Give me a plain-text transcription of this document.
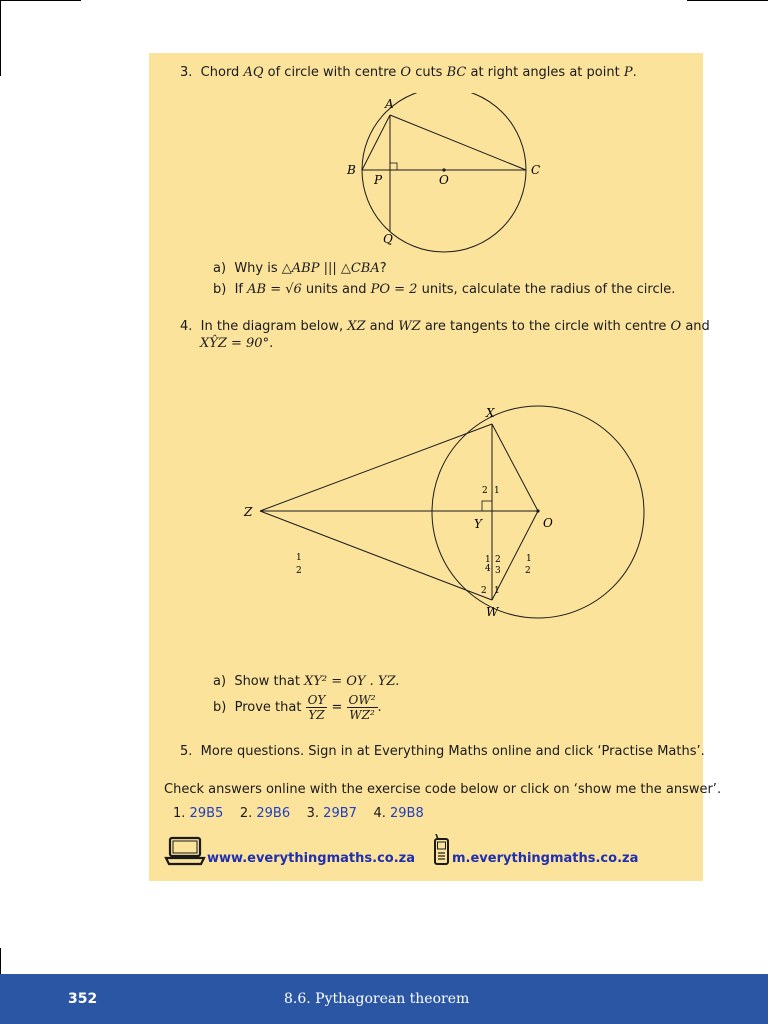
3. Chord AQ of circle with centre O cuts BC at right angles at point P.
A
B	C
P	O
Q
a) Why is △ABP ||| △CBA?
b) If AB = √6 units and PO = 2 units, calculate the radius of the circle.
4. In the diagram below, XZ and WZ are tangents to the circle with centre O and
XŶZ = 90°.
X
Z
Y	O
W
2 1
1
2
1 2
3
4
1
2
2 1
a) Show that XY² = OY . YZ.
b) Prove that $\frac{OY}{YZ} = \frac{\text{OW²}}{\text{WZ²}}$ .
5. More questions. Sign in at Everything Maths online and click ‘Practise Maths’.
Check answers online with the exercise code below or click on ‘show me the answer’.
1. 29B5 2. 29B6 3. 29B7 4. 29B8
www.everythingmaths.co.za	m.everythingmaths.co.za
352	8.6. Pythagorean theorem
